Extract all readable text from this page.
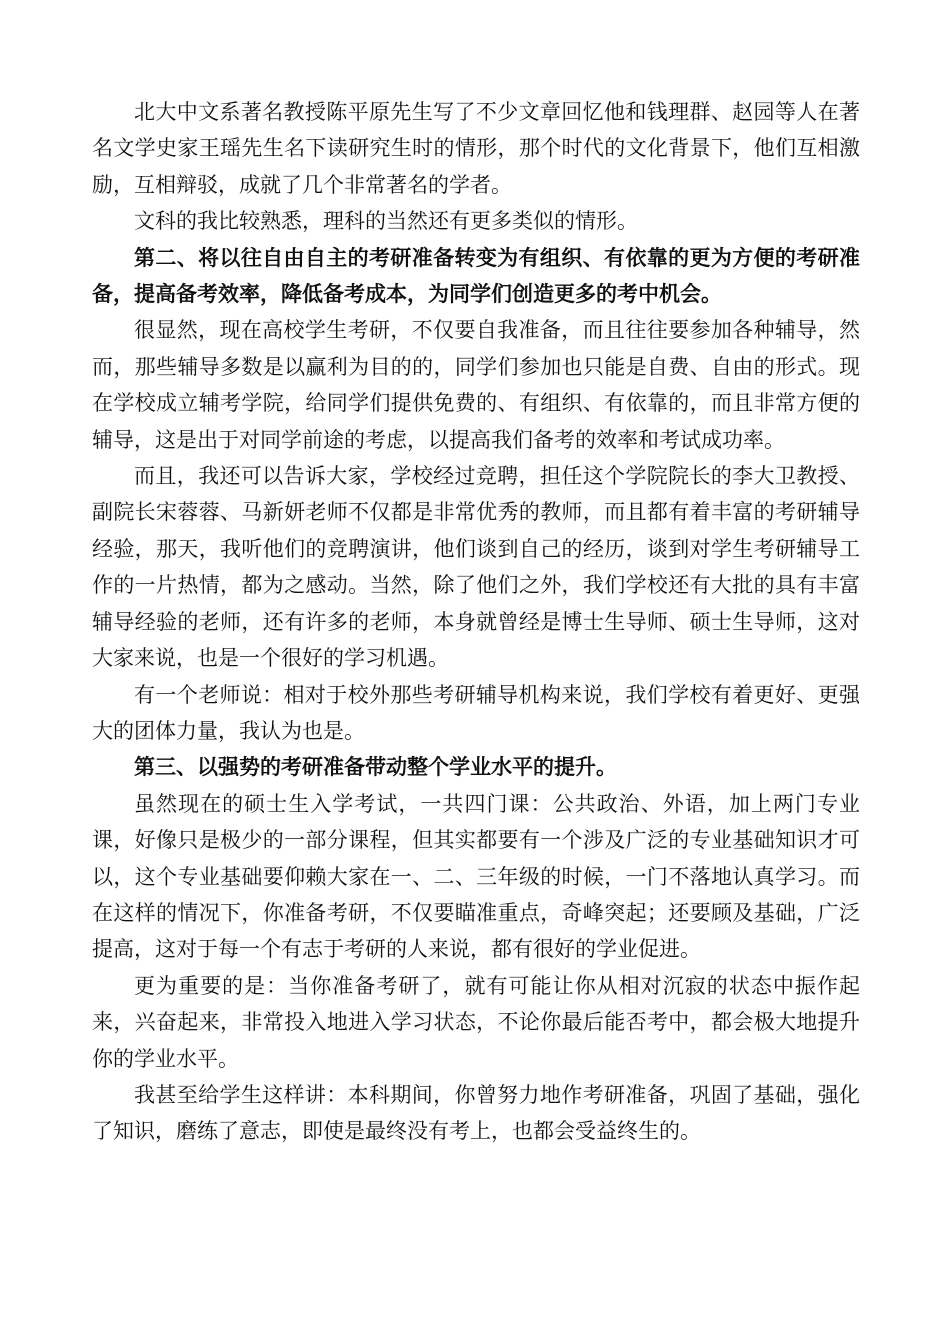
北大中文系著名教授陈平原先生写了不少文章回忆他和钱理群、赵园等人在著名文学史家王瑶先生名下读研究生时的情形，那个时代的文化背景下，他们互相激励，互相辩驳，成就了几个非常著名的学者。

文科的我比较熟悉，理科的当然还有更多类似的情形。

第二、将以往自由自主的考研准备转变为有组织、有依靠的更为方便的考研准备，提高备考效率，降低备考成本，为同学们创造更多的考中机会。

很显然，现在高校学生考研，不仅要自我准备，而且往往要参加各种辅导，然而，那些辅导多数是以赢利为目的的，同学们参加也只能是自费、自由的形式。现在学校成立辅考学院，给同学们提供免费的、有组织、有依靠的，而且非常方便的辅导，这是出于对同学前途的考虑，以提高我们备考的效率和考试成功率。

而且，我还可以告诉大家，学校经过竞聘，担任这个学院院长的李大卫教授、副院长宋蓉蓉、马新妍老师不仅都是非常优秀的教师，而且都有着丰富的考研辅导经验，那天，我听他们的竞聘演讲，他们谈到自己的经历，谈到对学生考研辅导工作的一片热情，都为之感动。当然，除了他们之外，我们学校还有大批的具有丰富辅导经验的老师，还有许多的老师，本身就曾经是博士生导师、硕士生导师，这对大家来说，也是一个很好的学习机遇。

有一个老师说：相对于校外那些考研辅导机构来说，我们学校有着更好、更强大的团体力量，我认为也是。

第三、以强势的考研准备带动整个学业水平的提升。

虽然现在的硕士生入学考试，一共四门课：公共政治、外语，加上两门专业课，好像只是极少的一部分课程，但其实都要有一个涉及广泛的专业基础知识才可以，这个专业基础要仰赖大家在一、二、三年级的时候，一门不落地认真学习。而在这样的情况下，你准备考研，不仅要瞄准重点，奇峰突起；还要顾及基础，广泛提高，这对于每一个有志于考研的人来说，都有很好的学业促进。

更为重要的是：当你准备考研了，就有可能让你从相对沉寂的状态中振作起来，兴奋起来，非常投入地进入学习状态，不论你最后能否考中，都会极大地提升你的学业水平。

我甚至给学生这样讲：本科期间，你曾努力地作考研准备，巩固了基础，强化了知识，磨练了意志，即使是最终没有考上，也都会受益终生的。
